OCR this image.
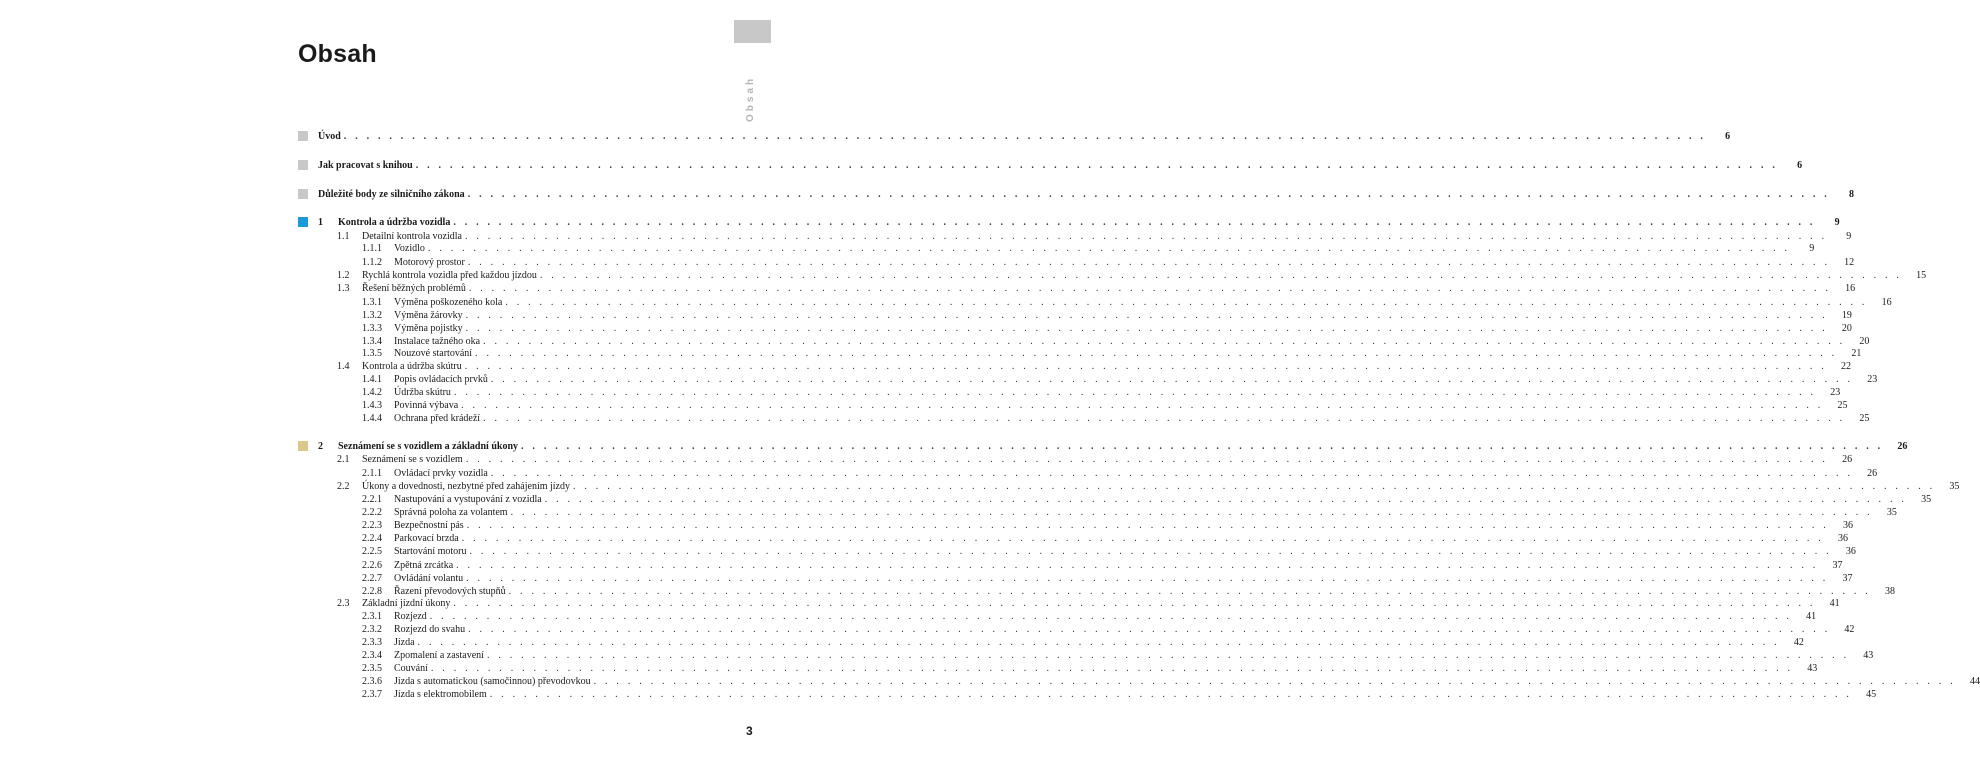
Obsah
Obsah
Úvod . . . . . . . . . . . . . . . . . . . . . . . . . . . . . . . . . . . . . . . . . . . . . . . . . . . . . . . . . . . . . . . . . . . . . . . . . . . . . . . . . . . . . . . . . . . . . . . . . . . . . . . . . . . . . . . . . . . . . . . .	6
Jak pracovat s knihou . . . . . . . . . . . . . . . . . . . . . . . . . . . . . . . . . . . . . . . . . . . . . . . . . . . . . . . . . . . . . . . . . . . . . . . . . . . . . . . . . . . . . . . . . . . . . . . . . . . . . . . . . . . . . . . . . . . . . . . .	6
Důležité body ze silničního zákona . . . . . . . . . . . . . . . . . . . . . . . . . . . . . . . . . . . . . . . . . . . . . . . . . . . . . . . . . . . . . . . . . . . . . . . . . . . . . . . . . . . . . . . . . . . . . . . . . . . . . . . . . . . . . . . . . . . . . . . .	8
1	Kontrola a údržba vozidla . . . . . . . . . . . . . . . . . . . . . . . . . . . . . . . . . . . . . . . . . . . . . . . . . . . . . . . . . . . . . . . . . . . . . . . . . . . . . . . . . . . . . . . . . . . . . . . . . . . . . . . . . . . . . . . . . . . . . . . .	9
1.1	Detailní kontrola vozidla . . . . . . . . . . . . . . . . . . . . . . . . . . . . . . . . . . . . . . . . . . . . . . . . . . . . . . . . . . . . . . . . . . . . . . . . . . . . . . . . . . . . . . . . . . . . . . . . . . . . . . . . . . . . . . . . . . . . . . . .	9
1.1.1	Vozidlo . . . . . . . . . . . . . . . . . . . . . . . . . . . . . . . . . . . . . . . . . . . . . . . . . . . . . . . . . . . . . . . . . . . . . . . . . . . . . . . . . . . . . . . . . . . . . . . . . . . . . . . . . . . . . . . . . . . . . . . .	9
1.1.2	Motorový prostor . . . . . . . . . . . . . . . . . . . . . . . . . . . . . . . . . . . . . . . . . . . . . . . . . . . . . . . . . . . . . . . . . . . . . . . . . . . . . . . . . . . . . . . . . . . . . . . . . . . . . . . . . . . . . . . . . . . . . . . .	12
1.2	Rychlá kontrola vozidla před každou jízdou . . . . . . . . . . . . . . . . . . . . . . . . . . . . . . . . . . . . . . . . . . . . . . . . . . . . . . . . . . . . . . . . . . . . . . . . . . . . . . . . . . . . . . . . . . . . . . . . . . . . . . . . . . . . . . . . . . . . . . . .	15
1.3	Řešení běžných problémů . . . . . . . . . . . . . . . . . . . . . . . . . . . . . . . . . . . . . . . . . . . . . . . . . . . . . . . . . . . . . . . . . . . . . . . . . . . . . . . . . . . . . . . . . . . . . . . . . . . . . . . . . . . . . . . . . . . . . . . .	16
1.3.1	Výměna poškozeného kola . . . . . . . . . . . . . . . . . . . . . . . . . . . . . . . . . . . . . . . . . . . . . . . . . . . . . . . . . . . . . . . . . . . . . . . . . . . . . . . . . . . . . . . . . . . . . . . . . . . . . . . . . . . . . . . . . . . . . . . .	16
1.3.2	Výměna žárovky . . . . . . . . . . . . . . . . . . . . . . . . . . . . . . . . . . . . . . . . . . . . . . . . . . . . . . . . . . . . . . . . . . . . . . . . . . . . . . . . . . . . . . . . . . . . . . . . . . . . . . . . . . . . . . . . . . . . . . . .	19
1.3.3	Výměna pojistky . . . . . . . . . . . . . . . . . . . . . . . . . . . . . . . . . . . . . . . . . . . . . . . . . . . . . . . . . . . . . . . . . . . . . . . . . . . . . . . . . . . . . . . . . . . . . . . . . . . . . . . . . . . . . . . . . . . . . . . .	20
1.3.4	Instalace tažného oka . . . . . . . . . . . . . . . . . . . . . . . . . . . . . . . . . . . . . . . . . . . . . . . . . . . . . . . . . . . . . . . . . . . . . . . . . . . . . . . . . . . . . . . . . . . . . . . . . . . . . . . . . . . . . . . . . . . . . . . .	20
1.3.5	Nouzové startování . . . . . . . . . . . . . . . . . . . . . . . . . . . . . . . . . . . . . . . . . . . . . . . . . . . . . . . . . . . . . . . . . . . . . . . . . . . . . . . . . . . . . . . . . . . . . . . . . . . . . . . . . . . . . . . . . . . . . . . .	21
1.4	Kontrola a údržba skútru . . . . . . . . . . . . . . . . . . . . . . . . . . . . . . . . . . . . . . . . . . . . . . . . . . . . . . . . . . . . . . . . . . . . . . . . . . . . . . . . . . . . . . . . . . . . . . . . . . . . . . . . . . . . . . . . . . . . . . . .	22
1.4.1	Popis ovládacích prvků . . . . . . . . . . . . . . . . . . . . . . . . . . . . . . . . . . . . . . . . . . . . . . . . . . . . . . . . . . . . . . . . . . . . . . . . . . . . . . . . . . . . . . . . . . . . . . . . . . . . . . . . . . . . . . . . . . . . . . . .	23
1.4.2	Údržba skútru . . . . . . . . . . . . . . . . . . . . . . . . . . . . . . . . . . . . . . . . . . . . . . . . . . . . . . . . . . . . . . . . . . . . . . . . . . . . . . . . . . . . . . . . . . . . . . . . . . . . . . . . . . . . . . . . . . . . . . . .	23
1.4.3	Povinná výbava . . . . . . . . . . . . . . . . . . . . . . . . . . . . . . . . . . . . . . . . . . . . . . . . . . . . . . . . . . . . . . . . . . . . . . . . . . . . . . . . . . . . . . . . . . . . . . . . . . . . . . . . . . . . . . . . . . . . . . . .	25
1.4.4	Ochrana před krádeží . . . . . . . . . . . . . . . . . . . . . . . . . . . . . . . . . . . . . . . . . . . . . . . . . . . . . . . . . . . . . . . . . . . . . . . . . . . . . . . . . . . . . . . . . . . . . . . . . . . . . . . . . . . . . . . . . . . . . . . .	25
2	Seznámení se s vozidlem a základní úkony . . . . . . . . . . . . . . . . . . . . . . . . . . . . . . . . . . . . . . . . . . . . . . . . . . . . . . . . . . . . . . . . . . . . . . . . . . . . . . . . . . . . . . . . . . . . . . . . . . . . . . . . . . . . . . . . . . . . . . . .	26
2.1	Seznámení se s vozidlem . . . . . . . . . . . . . . . . . . . . . . . . . . . . . . . . . . . . . . . . . . . . . . . . . . . . . . . . . . . . . . . . . . . . . . . . . . . . . . . . . . . . . . . . . . . . . . . . . . . . . . . . . . . . . . . . . . . . . . . .	26
2.1.1	Ovládací prvky vozidla . . . . . . . . . . . . . . . . . . . . . . . . . . . . . . . . . . . . . . . . . . . . . . . . . . . . . . . . . . . . . . . . . . . . . . . . . . . . . . . . . . . . . . . . . . . . . . . . . . . . . . . . . . . . . . . . . . . . . . . .	26
2.2	Úkony a dovednosti, nezbytné před zahájením jízdy . . . . . . . . . . . . . . . . . . . . . . . . . . . . . . . . . . . . . . . . . . . . . . . . . . . . . . . . . . . . . . . . . . . . . . . . . . . . . . . . . . . . . . . . . . . . . . . . . . . . . . . . . . . . . . . . . . . . . . . .	35
2.2.1	Nastupování a vystupování z vozidla . . . . . . . . . . . . . . . . . . . . . . . . . . . . . . . . . . . . . . . . . . . . . . . . . . . . . . . . . . . . . . . . . . . . . . . . . . . . . . . . . . . . . . . . . . . . . . . . . . . . . . . . . . . . . . . . . . . . . . . .	35
2.2.2	Správná poloha za volantem . . . . . . . . . . . . . . . . . . . . . . . . . . . . . . . . . . . . . . . . . . . . . . . . . . . . . . . . . . . . . . . . . . . . . . . . . . . . . . . . . . . . . . . . . . . . . . . . . . . . . . . . . . . . . . . . . . . . . . . .	35
2.2.3	Bezpečnostní pás . . . . . . . . . . . . . . . . . . . . . . . . . . . . . . . . . . . . . . . . . . . . . . . . . . . . . . . . . . . . . . . . . . . . . . . . . . . . . . . . . . . . . . . . . . . . . . . . . . . . . . . . . . . . . . . . . . . . . . . .	36
2.2.4	Parkovací brzda . . . . . . . . . . . . . . . . . . . . . . . . . . . . . . . . . . . . . . . . . . . . . . . . . . . . . . . . . . . . . . . . . . . . . . . . . . . . . . . . . . . . . . . . . . . . . . . . . . . . . . . . . . . . . . . . . . . . . . . .	36
2.2.5	Startování motoru . . . . . . . . . . . . . . . . . . . . . . . . . . . . . . . . . . . . . . . . . . . . . . . . . . . . . . . . . . . . . . . . . . . . . . . . . . . . . . . . . . . . . . . . . . . . . . . . . . . . . . . . . . . . . . . . . . . . . . . .	36
2.2.6	Zpětná zrcátka . . . . . . . . . . . . . . . . . . . . . . . . . . . . . . . . . . . . . . . . . . . . . . . . . . . . . . . . . . . . . . . . . . . . . . . . . . . . . . . . . . . . . . . . . . . . . . . . . . . . . . . . . . . . . . . . . . . . . . . .	37
2.2.7	Ovládání volantu . . . . . . . . . . . . . . . . . . . . . . . . . . . . . . . . . . . . . . . . . . . . . . . . . . . . . . . . . . . . . . . . . . . . . . . . . . . . . . . . . . . . . . . . . . . . . . . . . . . . . . . . . . . . . . . . . . . . . . . .	37
2.2.8	Řazení převodových stupňů . . . . . . . . . . . . . . . . . . . . . . . . . . . . . . . . . . . . . . . . . . . . . . . . . . . . . . . . . . . . . . . . . . . . . . . . . . . . . . . . . . . . . . . . . . . . . . . . . . . . . . . . . . . . . . . . . . . . . . . .	38
2.3	Základní jízdní úkony . . . . . . . . . . . . . . . . . . . . . . . . . . . . . . . . . . . . . . . . . . . . . . . . . . . . . . . . . . . . . . . . . . . . . . . . . . . . . . . . . . . . . . . . . . . . . . . . . . . . . . . . . . . . . . . . . . . . . . . .	41
2.3.1	Rozjezd . . . . . . . . . . . . . . . . . . . . . . . . . . . . . . . . . . . . . . . . . . . . . . . . . . . . . . . . . . . . . . . . . . . . . . . . . . . . . . . . . . . . . . . . . . . . . . . . . . . . . . . . . . . . . . . . . . . . . . . .	41
2.3.2	Rozjezd do svahu . . . . . . . . . . . . . . . . . . . . . . . . . . . . . . . . . . . . . . . . . . . . . . . . . . . . . . . . . . . . . . . . . . . . . . . . . . . . . . . . . . . . . . . . . . . . . . . . . . . . . . . . . . . . . . . . . . . . . . . .	42
2.3.3	Jízda . . . . . . . . . . . . . . . . . . . . . . . . . . . . . . . . . . . . . . . . . . . . . . . . . . . . . . . . . . . . . . . . . . . . . . . . . . . . . . . . . . . . . . . . . . . . . . . . . . . . . . . . . . . . . . . . . . . . . . . .	42
2.3.4	Zpomalení a zastavení . . . . . . . . . . . . . . . . . . . . . . . . . . . . . . . . . . . . . . . . . . . . . . . . . . . . . . . . . . . . . . . . . . . . . . . . . . . . . . . . . . . . . . . . . . . . . . . . . . . . . . . . . . . . . . . . . . . . . . . .	43
2.3.5	Couvání . . . . . . . . . . . . . . . . . . . . . . . . . . . . . . . . . . . . . . . . . . . . . . . . . . . . . . . . . . . . . . . . . . . . . . . . . . . . . . . . . . . . . . . . . . . . . . . . . . . . . . . . . . . . . . . . . . . . . . . .	43
2.3.6	Jízda s automatickou (samočinnou) převodovkou . . . . . . . . . . . . . . . . . . . . . . . . . . . . . . . . . . . . . . . . . . . . . . . . . . . . . . . . . . . . . . . . . . . . . . . . . . . . . . . . . . . . . . . . . . . . . . . . . . . . . . . . . . . . . . . . . . . . . . . .	44
2.3.7	Jízda s elektromobilem . . . . . . . . . . . . . . . . . . . . . . . . . . . . . . . . . . . . . . . . . . . . . . . . . . . . . . . . . . . . . . . . . . . . . . . . . . . . . . . . . . . . . . . . . . . . . . . . . . . . . . . . . . . . . . . . . . . . . . . .	45
3
